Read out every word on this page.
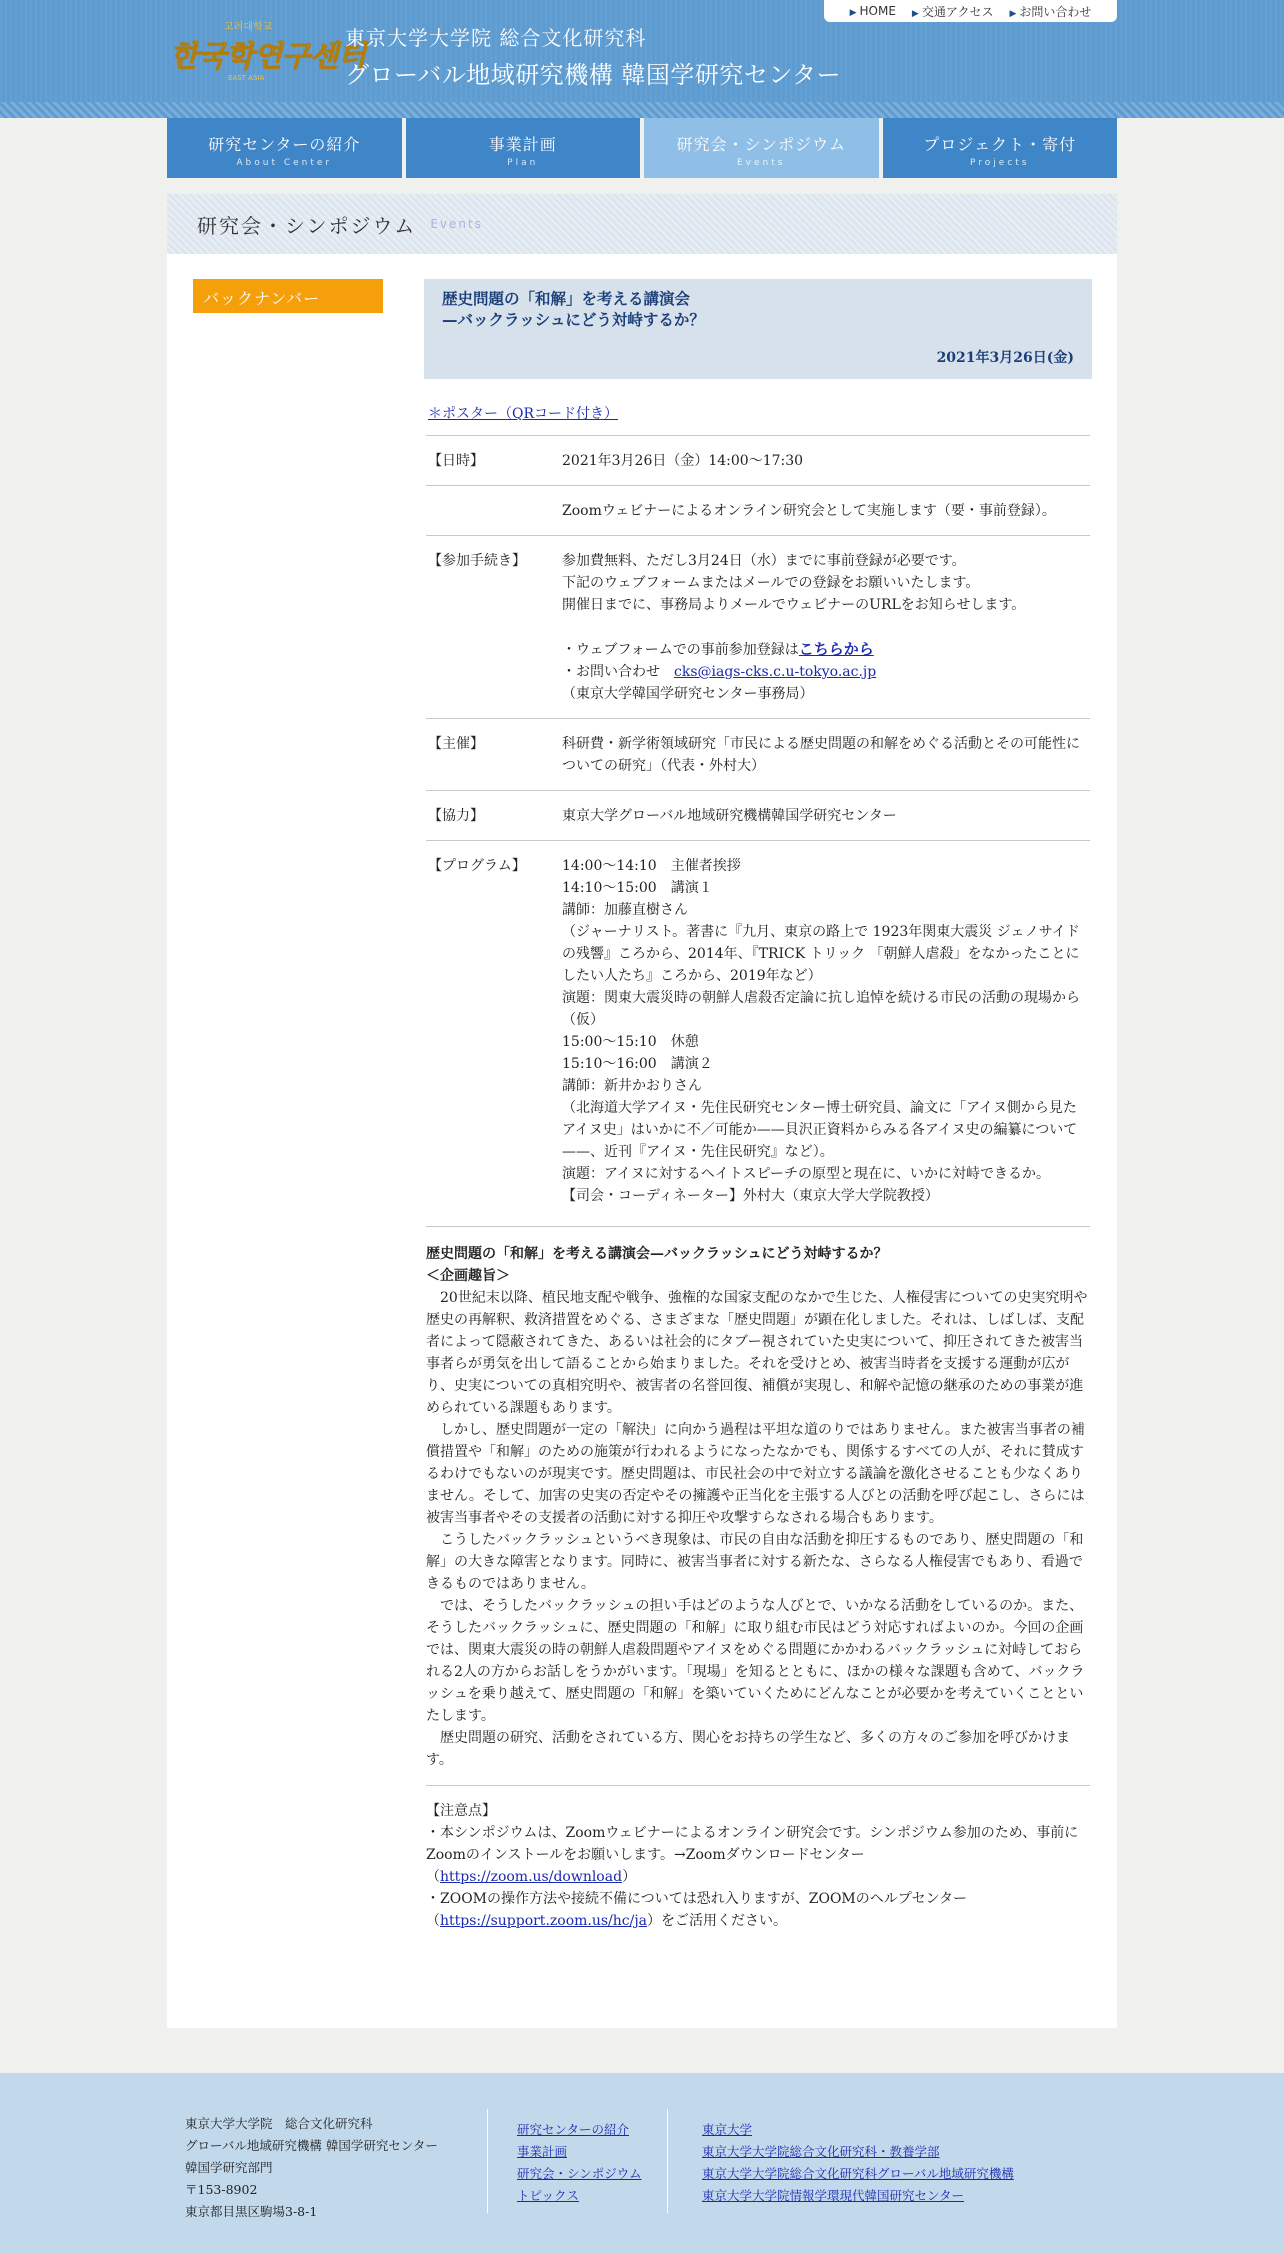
한국학연구센터
고려대학교
EAST ASIA
東京大学大学院 総合文化研究科
グローバル地域研究機構 韓国学研究センター
▶ HOME ▶ 交通アクセス ▶ お問い合わせ
研究センターの紹介
About Center
事業計画
Plan
研究会・シンポジウム
Events
プロジェクト・寄付
Projects
研究会・シンポジウム Events
バックナンバー	歴史問題の「和解」を考える講演会
—バックラッシュにどう対峙するか？
2021年3月26日(金)
＊ポスター（QRコード付き）
【日時】	2021年3月26日（金）14:00～17:30
Zoomウェビナーによるオンライン研究会として実施します（要・事前登録）。
【参加手続き】	参加費無料、ただし3月24日（水）までに事前登録が必要です。
下記のウェブフォームまたはメールでの登録をお願いいたします。
開催日までに、事務局よりメールでウェビナーのURLをお知らせします。
・ウェブフォームでの事前参加登録はこちらから
・お問い合わせ　cks@iags-cks.c.u-tokyo.ac.jp
（東京大学韓国学研究センター事務局）
【主催】	科研費・新学術領域研究「市民による歴史問題の和解をめぐる活動とその可能性についての研究」（代表・外村大）
【協力】	東京大学グローバル地域研究機構韓国学研究センター
【プログラム】	14:00～14:10　主催者挨拶
14:10～15:00　講演１
講師：加藤直樹さん
（ジャーナリスト。著書に『九月、東京の路上で 1923年関東大震災 ジェノサイドの残響』ころから、2014年、『TRICK トリック 「朝鮮人虐殺」をなかったことにしたい人たち』ころから、2019年など）
演題：関東大震災時の朝鮮人虐殺否定論に抗し追悼を続ける市民の活動の現場から（仮）
15:00～15:10　休憩
15:10～16:00　講演２
講師：新井かおりさん
（北海道大学アイヌ・先住民研究センター博士研究員、論文に「アイヌ側から見たアイヌ史」はいかに不／可能か——貝沢正資料からみる各アイヌ史の編纂について——、近刊『アイヌ・先住民研究』など）。
演題：アイヌに対するヘイトスピーチの原型と現在に、いかに対峙できるか。
【司会・コーディネーター】外村大（東京大学大学院教授）
歴史問題の「和解」を考える講演会—バックラッシュにどう対峙するか？
＜企画趣旨＞

20世紀末以降、植民地支配や戦争、強権的な国家支配のなかで生じた、人権侵害についての史実究明や歴史の再解釈、救済措置をめぐる、さまざまな「歴史問題」が顕在化しました。それは、しばしば、支配者によって隠蔽されてきた、あるいは社会的にタブー視されていた史実について、抑圧されてきた被害当事者らが勇気を出して語ることから始まりました。それを受けとめ、被害当時者を支援する運動が広がり、史実についての真相究明や、被害者の名誉回復、補償が実現し、和解や記憶の継承のための事業が進められている課題もあります。

しかし、歴史問題が一定の「解決」に向かう過程は平坦な道のりではありません。また被害当事者の補償措置や「和解」のための施策が行われるようになったなかでも、関係するすべての人が、それに賛成するわけでもないのが現実です。歴史問題は、市民社会の中で対立する議論を激化させることも少なくありません。そして、加害の史実の否定やその擁護や正当化を主張する人びとの活動を呼び起こし、さらには被害当事者やその支援者の活動に対する抑圧や攻撃すらなされる場合もあります。

こうしたバックラッシュというべき現象は、市民の自由な活動を抑圧するものであり、歴史問題の「和解」の大きな障害となります。同時に、被害当事者に対する新たな、さらなる人権侵害でもあり、看過できるものではありません。

では、そうしたバックラッシュの担い手はどのような人びとで、いかなる活動をしているのか。また、そうしたバックラッシュに、歴史問題の「和解」に取り組む市民はどう対応すればよいのか。今回の企画では、関東大震災の時の朝鮮人虐殺問題やアイヌをめぐる問題にかかわるバックラッシュに対峙しておられる2人の方からお話しをうかがいます。「現場」を知るとともに、ほかの様々な課題も含めて、バックラッシュを乗り越えて、歴史問題の「和解」を築いていくためにどんなことが必要かを考えていくことといたします。

歴史問題の研究、活動をされている方、関心をお持ちの学生など、多くの方々のご参加を呼びかけます。

【注意点】
・本シンポジウムは、Zoomウェビナーによるオンライン研究会です。シンポジウム参加のため、事前にZoomのインストールをお願いします。→Zoomダウンロードセンター
（https://zoom.us/download）
・ZOOMの操作方法や接続不備については恐れ入りますが、ZOOMのヘルプセンター
（https://support.zoom.us/hc/ja）をご活用ください。
東京大学大学院　総合文化研究科
グローバル地域研究機構 韓国学研究センター
韓国学研究部門
〒153-8902
東京都目黒区駒場3-8-1
研究センターの紹介
事業計画
研究会・シンポジウム
トピックス
東京大学
東京大学大学院総合文化研究科・教養学部
東京大学大学院総合文化研究科グローバル地域研究機構
東京大学大学院情報学環現代韓国研究センター
